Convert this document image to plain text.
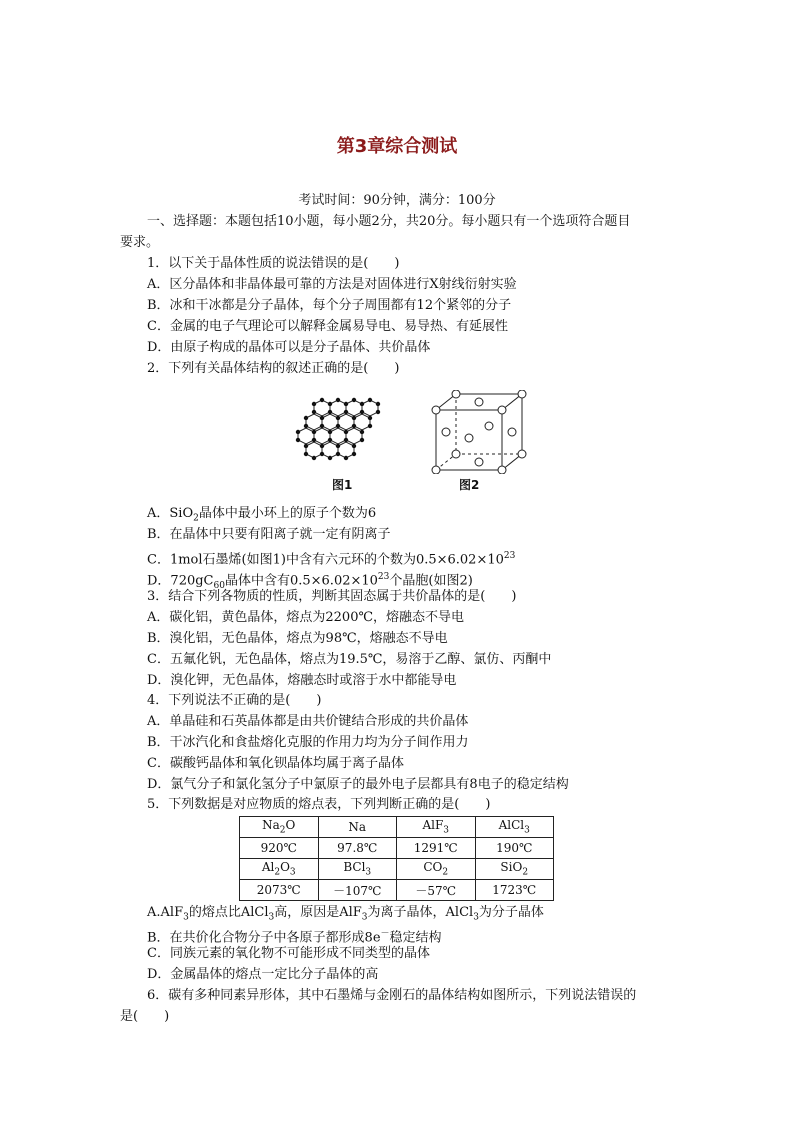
第3章综合测试
考试时间：90分钟，满分：100分
一、选择题：本题包括10小题，每小题2分，共20分。每小题只有一个选项符合题目
要求。
1．以下关于晶体性质的说法错误的是(　　)
A．区分晶体和非晶体最可靠的方法是对固体进行X射线衍射实验
B．冰和干冰都是分子晶体，每个分子周围都有12个紧邻的分子
C．金属的电子气理论可以解释金属易导电、易导热、有延展性
D．由原子构成的晶体可以是分子晶体、共价晶体
2．下列有关晶体结构的叙述正确的是(　　)
图1	图2
A．SiO$_2$晶体中最小环上的原子个数为6
B．在晶体中只要有阳离子就一定有阴离子
C．1mol石墨烯(如图1)中含有六元环的个数为$0.5\times 6.02\times 10^{23}$
D．$720gC_{60}$晶体中含有$0.5\times 6.02\times 10^{23}$个晶胞(如图2)
3．结合下列各物质的性质，判断其固态属于共价晶体的是(　　)
A．碳化铝，黄色晶体，熔点为2200℃，熔融态不导电
B．溴化铝，无色晶体，熔点为98℃，熔融态不导电
C．五氟化钒，无色晶体，熔点为19.5℃，易溶于乙醇、氯仿、丙酮中
D．溴化钾，无色晶体，熔融态时或溶于水中都能导电
4．下列说法不正确的是(　　)
A．单晶硅和石英晶体都是由共价键结合形成的共价晶体
B．干冰汽化和食盐熔化克服的作用力均为分子间作用力
C．碳酸钙晶体和氧化钡晶体均属于离子晶体
D．氯气分子和氯化氢分子中氯原子的最外电子层都具有8电子的稳定结构
5．下列数据是对应物质的熔点表，下列判断正确的是(　　)
$Na_2O$	Na	AlF$_3$	AlCl$_3$
920℃	97.8℃	1291℃	190℃
$Al_2O_3$	BCl$_3$	$CO_2$	SiO$_2$
2073℃	－107℃	－57℃	1723℃
A.AlF$_3$的熔点比AlCl$_3$高，原因是AlF$_3$为离子晶体，AlCl$_3$为分子晶体
B．在共价化合物分子中各原子都形成8e－稳定结构
C．同族元素的氧化物不可能形成不同类型的晶体
D．金属晶体的熔点一定比分子晶体的高
6．碳有多种同素异形体，其中石墨烯与金刚石的晶体结构如图所示，下列说法错误的
是(　　)
